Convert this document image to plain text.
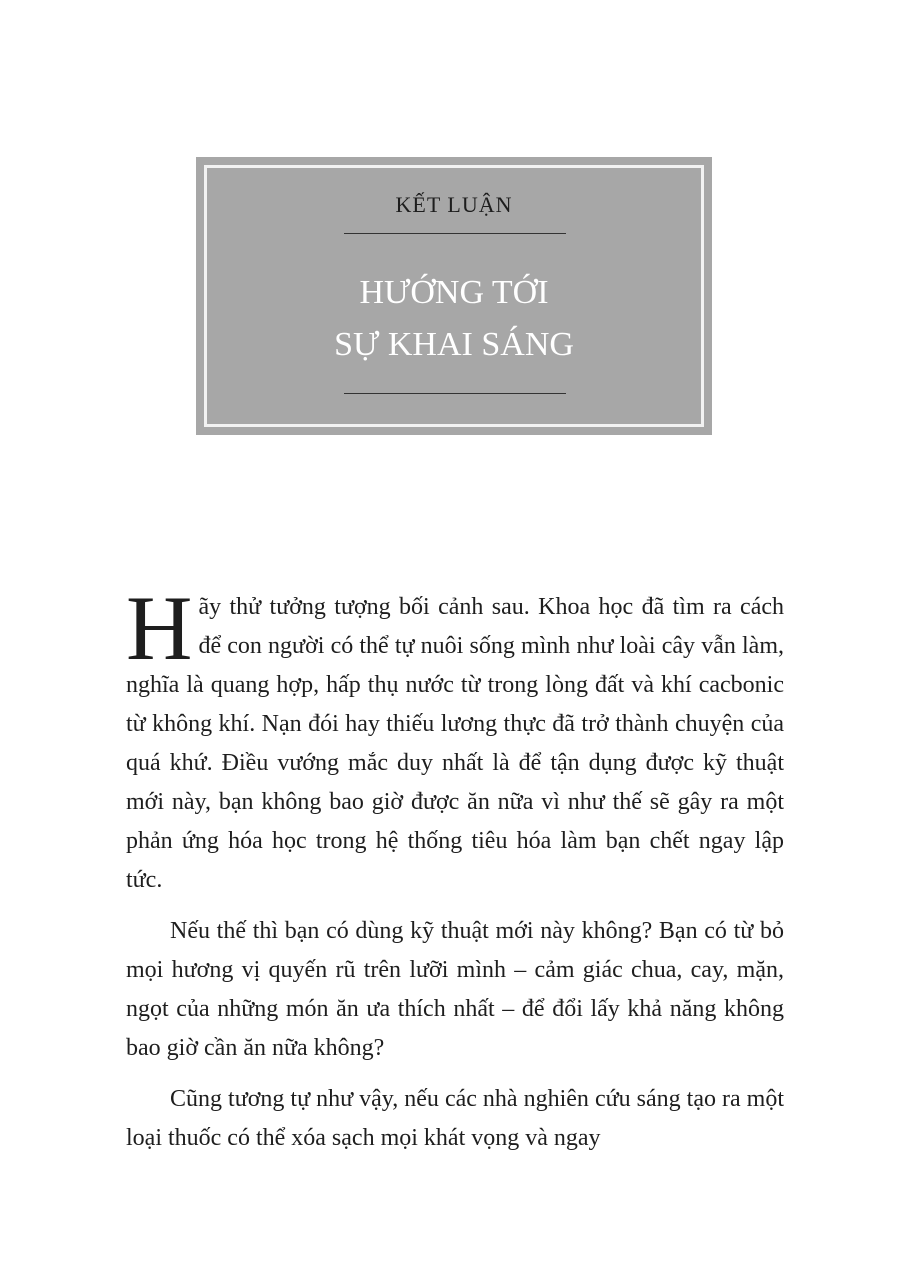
KẾT LUẬN
HƯỚNG TỚI
SỰ KHAI SÁNG

Hãy thử tưởng tượng bối cảnh sau. Khoa học đã tìm ra cách để con người có thể tự nuôi sống mình như loài cây vẫn làm, nghĩa là quang hợp, hấp thụ nước từ trong lòng đất và khí cacbonic từ không khí. Nạn đói hay thiếu lương thực đã trở thành chuyện của quá khứ. Điều vướng mắc duy nhất là để tận dụng được kỹ thuật mới này, bạn không bao giờ được ăn nữa vì như thế sẽ gây ra một phản ứng hóa học trong hệ thống tiêu hóa làm bạn chết ngay lập tức.

Nếu thế thì bạn có dùng kỹ thuật mới này không? Bạn có từ bỏ mọi hương vị quyến rũ trên lưỡi mình – cảm giác chua, cay, mặn, ngọt của những món ăn ưa thích nhất – để đổi lấy khả năng không bao giờ cần ăn nữa không?

Cũng tương tự như vậy, nếu các nhà nghiên cứu sáng tạo ra một loại thuốc có thể xóa sạch mọi khát vọng và ngay
